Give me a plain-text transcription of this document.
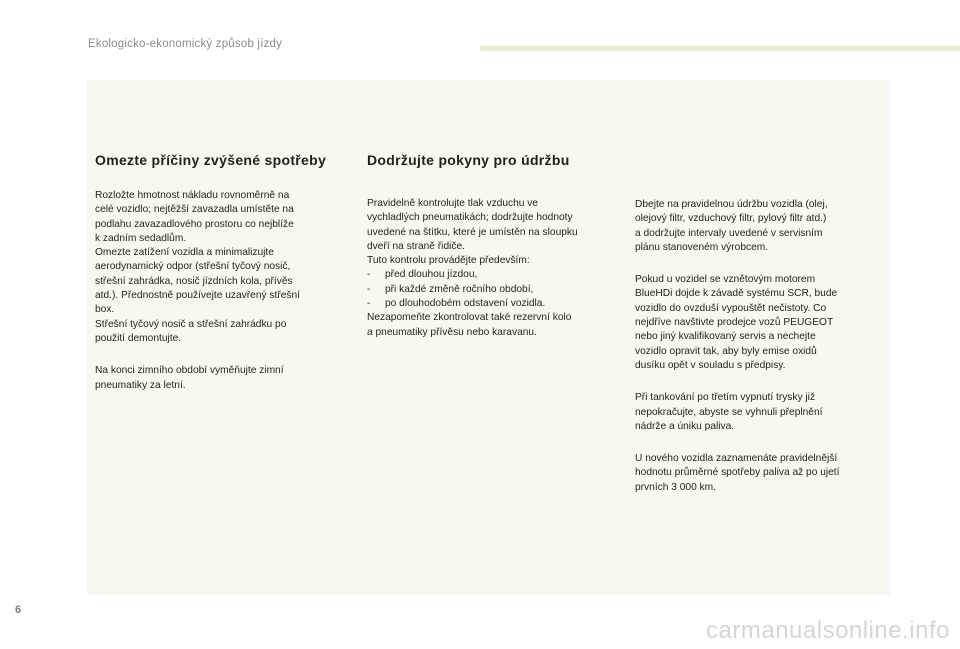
Ekologicko-ekonomický způsob jízdy
Omezte příčiny zvýšené spotřeby

Rozložte hmotnost nákladu rovnoměrně na

celé vozidlo; nejtěžší zavazadla umístěte na

podlahu zavazadlového prostoru co nejblíže

k zadním sedadlům.

Omezte zatížení vozidla a minimalizujte

aerodynamický odpor (střešní tyčový nosič,

střešní zahrádka, nosič jízdních kola, přívěs

atd.). Přednostně používejte uzavřený střešní

box.

Střešní tyčový nosič a střešní zahrádku po

použití demontujte.

Na konci zimního období vyměňujte zimní

pneumatiky za letní.

Dodržujte pokyny pro údržbu

Pravidelně kontrolujte tlak vzduchu ve

vychladlých pneumatikách; dodržujte hodnoty

uvedené na štítku, které je umístěn na sloupku

dveří na straně řidiče.

Tuto kontrolu provádějte především:

-	před dlouhou jízdou,

-	při každé změně ročního období,

-	po dlouhodobém odstavení vozidla.

Nezapomeňte zkontrolovat také rezervní kolo

a pneumatiky přívěsu nebo karavanu.

Dbejte na pravidelnou údržbu vozidla (olej,

olejový filtr, vzduchový filtr, pylový filtr atd.)

a dodržujte intervaly uvedené v servisním

plánu stanoveném výrobcem.

Pokud u vozidel se vznětovým motorem

BlueHDi dojde k závadě systému SCR, bude

vozidlo do ovzduší vypouštět nečistoty. Co

nejdříve navštivte prodejce vozů PEUGEOT

nebo jiný kvalifikovaný servis a nechejte

vozidlo opravit tak, aby byly emise oxidů

dusíku opět v souladu s předpisy.

Při tankování po třetím vypnutí trysky již

nepokračujte, abyste se vyhnuli přeplnění

nádrže a úniku paliva.

U nového vozidla zaznamenáte pravidelnější

hodnotu průměrné spotřeby paliva až po ujetí

prvních 3 000 km.

6
carmanualsonline.info
